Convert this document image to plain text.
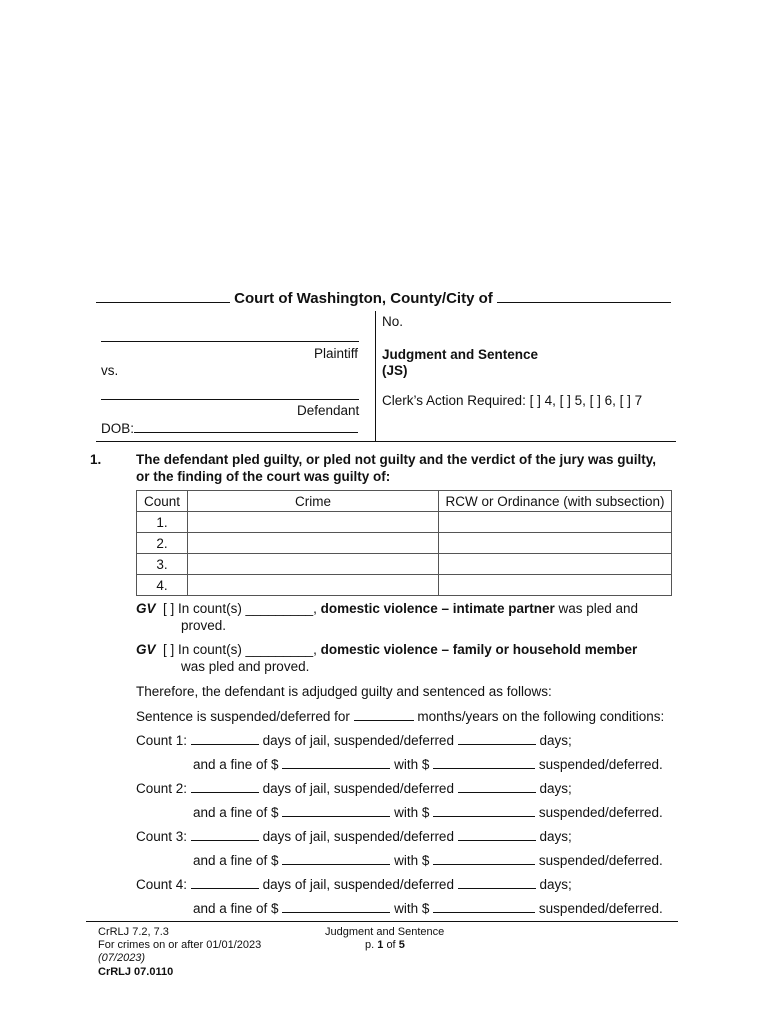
Court of Washington, County/City of
Plaintiff
vs.
Defendant
DOB:
No.
Judgment and Sentence
(JS)
Clerk’s Action Required: [ ] 4, [ ] 5, [ ] 6, [ ] 7
1.	The defendant pled guilty, or pled not guilty and the verdict of the jury was guilty,
or the finding of the court was guilty of:
Count	Crime	RCW or Ordinance (with subsection)
1.		
2.		
3.		
4.		
GV [ ] In count(s) _________, domestic violence – intimate partner was pled and
proved.
GV [ ] In count(s) _________, domestic violence – family or household member
was pled and proved.
Therefore, the defendant is adjudged guilty and sentenced as follows:
Sentence is suspended/deferred for	months/years on the following conditions:
Count 1:	days of jail, suspended/deferred	days;
and a fine of $	with $	suspended/deferred.
Count 2:	days of jail, suspended/deferred	days;
and a fine of $	with $	suspended/deferred.
Count 3:	days of jail, suspended/deferred	days;
and a fine of $	with $	suspended/deferred.
Count 4:	days of jail, suspended/deferred	days;
and a fine of $	with $	suspended/deferred.
CrRLJ 7.2, 7.3
For crimes on or after 01/01/2023
(07/2023)
CrRLJ 07.0110
Judgment and Sentence
p. 1 of 5
